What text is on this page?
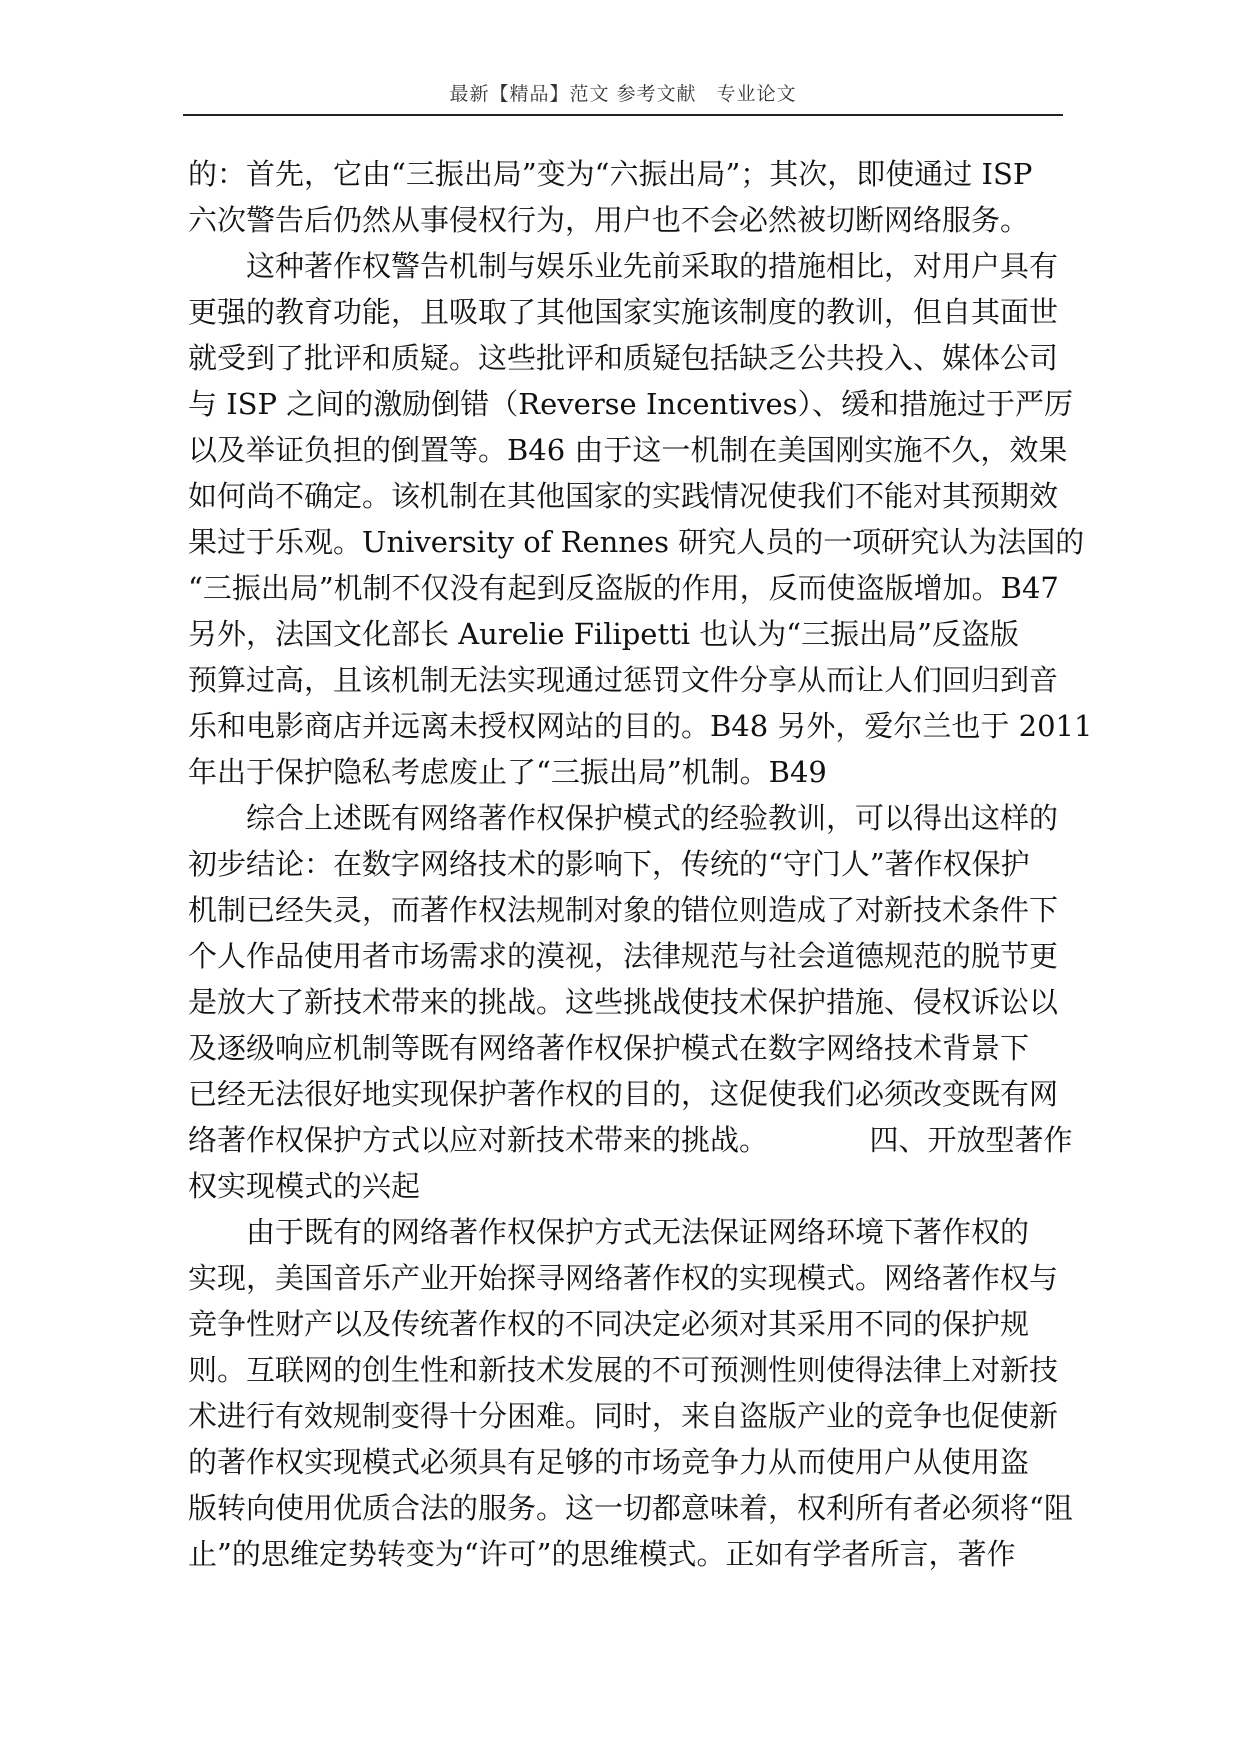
最新【精品】范文 参考文献　专业论文
的：首先，它由“三振出局”变为“六振出局”；其次，即使通过 ISP
六次警告后仍然从事侵权行为，用户也不会必然被切断网络服务。
这种著作权警告机制与娱乐业先前采取的措施相比，对用户具有
更强的教育功能，且吸取了其他国家实施该制度的教训，但自其面世
就受到了批评和质疑。这些批评和质疑包括缺乏公共投入、媒体公司
与 ISP 之间的激励倒错（Reverse Incentives）、缓和措施过于严厉
以及举证负担的倒置等。B46 由于这一机制在美国刚实施不久，效果
如何尚不确定。该机制在其他国家的实践情况使我们不能对其预期效
果过于乐观。University of Rennes 研究人员的一项研究认为法国的
“三振出局”机制不仅没有起到反盗版的作用，反而使盗版增加。B47
另外，法国文化部长 Aurelie Filipetti 也认为“三振出局”反盗版
预算过高，且该机制无法实现通过惩罚文件分享从而让人们回归到音
乐和电影商店并远离未授权网站的目的。B48 另外，爱尔兰也于 2011
年出于保护隐私考虑废止了“三振出局”机制。B49
综合上述既有网络著作权保护模式的经验教训，可以得出这样的
初步结论：在数字网络技术的影响下，传统的“守门人”著作权保护
机制已经失灵，而著作权法规制对象的错位则造成了对新技术条件下
个人作品使用者市场需求的漠视，法律规范与社会道德规范的脱节更
是放大了新技术带来的挑战。这些挑战使技术保护措施、侵权诉讼以
及逐级响应机制等既有网络著作权保护模式在数字网络技术背景下
已经无法很好地实现保护著作权的目的，这促使我们必须改变既有网
络著作权保护方式以应对新技术带来的挑战。　　　　四、开放型著作
权实现模式的兴起
由于既有的网络著作权保护方式无法保证网络环境下著作权的
实现，美国音乐产业开始探寻网络著作权的实现模式。网络著作权与
竞争性财产以及传统著作权的不同决定必须对其采用不同的保护规
则。互联网的创生性和新技术发展的不可预测性则使得法律上对新技
术进行有效规制变得十分困难。同时，来自盗版产业的竞争也促使新
的著作权实现模式必须具有足够的市场竞争力从而使用户从使用盗
版转向使用优质合法的服务。这一切都意味着，权利所有者必须将“阻
止”的思维定势转变为“许可”的思维模式。正如有学者所言，著作
